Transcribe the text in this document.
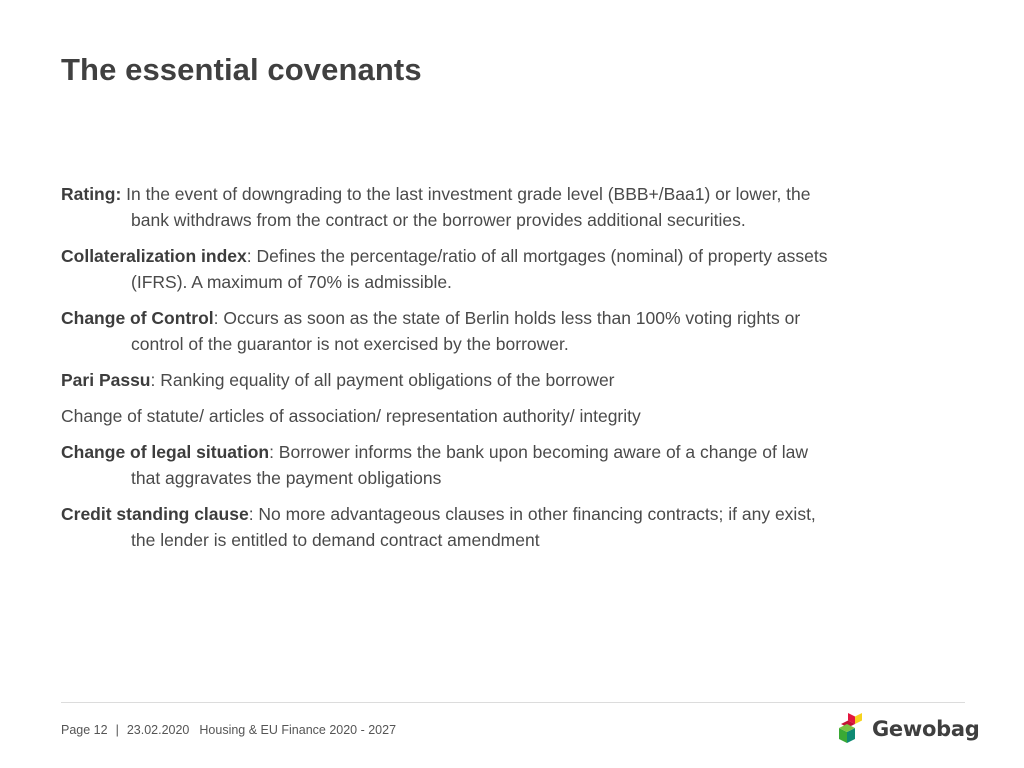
The essential covenants
Rating: In the event of downgrading to the last investment grade level (BBB+/Baa1) or lower, the bank withdraws from the contract or the borrower provides additional securities.
Collateralization index: Defines the percentage/ratio of all mortgages (nominal) of property assets (IFRS). A maximum of 70% is admissible.
Change of Control: Occurs as soon as the state of Berlin holds less than 100% voting rights or control of the guarantor is not exercised by the borrower.
Pari Passu: Ranking equality of all payment obligations of the borrower
Change of statute/ articles of association/ representation authority/ integrity
Change of legal situation: Borrower informs the bank upon becoming aware of a change of law that aggravates the payment obligations
Credit standing clause: No more advantageous clauses in other financing contracts; if any exist, the lender is entitled to demand contract amendment
Page 12 | 23.02.2020 Housing & EU Finance 2020 - 2027	Gewobag
